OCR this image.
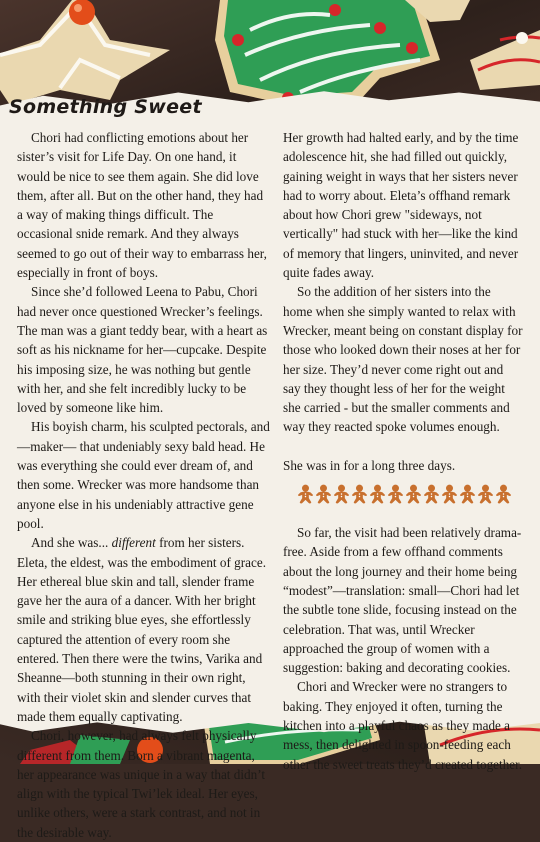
Something Sweet

Chori had conflicting emotions about her sister’s visit for Life Day. On one hand, it would be nice to see them again. She did love them, after all. But on the other hand, they had a way of making things difficult. The occasional snide remark. And they always seemed to go out of their way to embarrass her, especially in front of boys.

Since she’d followed Leena to Pabu, Chori had never once questioned Wrecker’s feelings. The man was a giant teddy bear, with a heart as soft as his nickname for her—cupcake. Despite his imposing size, he was nothing but gentle with her, and she felt incredibly lucky to be loved by someone like him.

His boyish charm, his sculpted pectorals, and —maker— that undeniably sexy bald head. He was everything she could ever dream of, and then some. Wrecker was more handsome than anyone else in his undeniably attractive gene pool.

And she was... different from her sisters. Eleta, the eldest, was the embodiment of grace. Her ethereal blue skin and tall, slender frame gave her the aura of a dancer. With her bright smile and striking blue eyes, she effortlessly captured the attention of every room she entered. Then there were the twins, Varika and Sheanne—both stunning in their own right, with their violet skin and slender curves that made them equally captivating.

Chori, however, had always felt physically different from them. Born a vibrant magenta, her appearance was unique in a way that didn’t align with the typical Twi’lek ideal. Her eyes, unlike others, were a stark contrast, and not in the desirable way.

Her growth had halted early, and by the time adolescence hit, she had filled out quickly, gaining weight in ways that her sisters never had to worry about. Eleta’s offhand remark about how Chori grew "sideways, not vertically" had stuck with her—like the kind of memory that lingers, uninvited, and never quite fades away.

So the addition of her sisters into the home when she simply wanted to relax with Wrecker, meant being on constant display for those who looked down their noses at her for her size. They’d never come right out and say they thought less of her for the weight she carried - but the smaller comments and way they reacted spoke volumes enough.

She was in for a long three days.

So far, the visit had been relatively drama-free. Aside from a few offhand comments about the long journey and their home being “modest”—translation: small—Chori had let the subtle tone slide, focusing instead on the celebration. That was, until Wrecker approached the group of women with a suggestion: baking and decorating cookies.

Chori and Wrecker were no strangers to baking. They enjoyed it often, turning the kitchen into a playful chaos as they made a mess, then delighted in spoon-feeding each other the sweet treats they’d created together.
